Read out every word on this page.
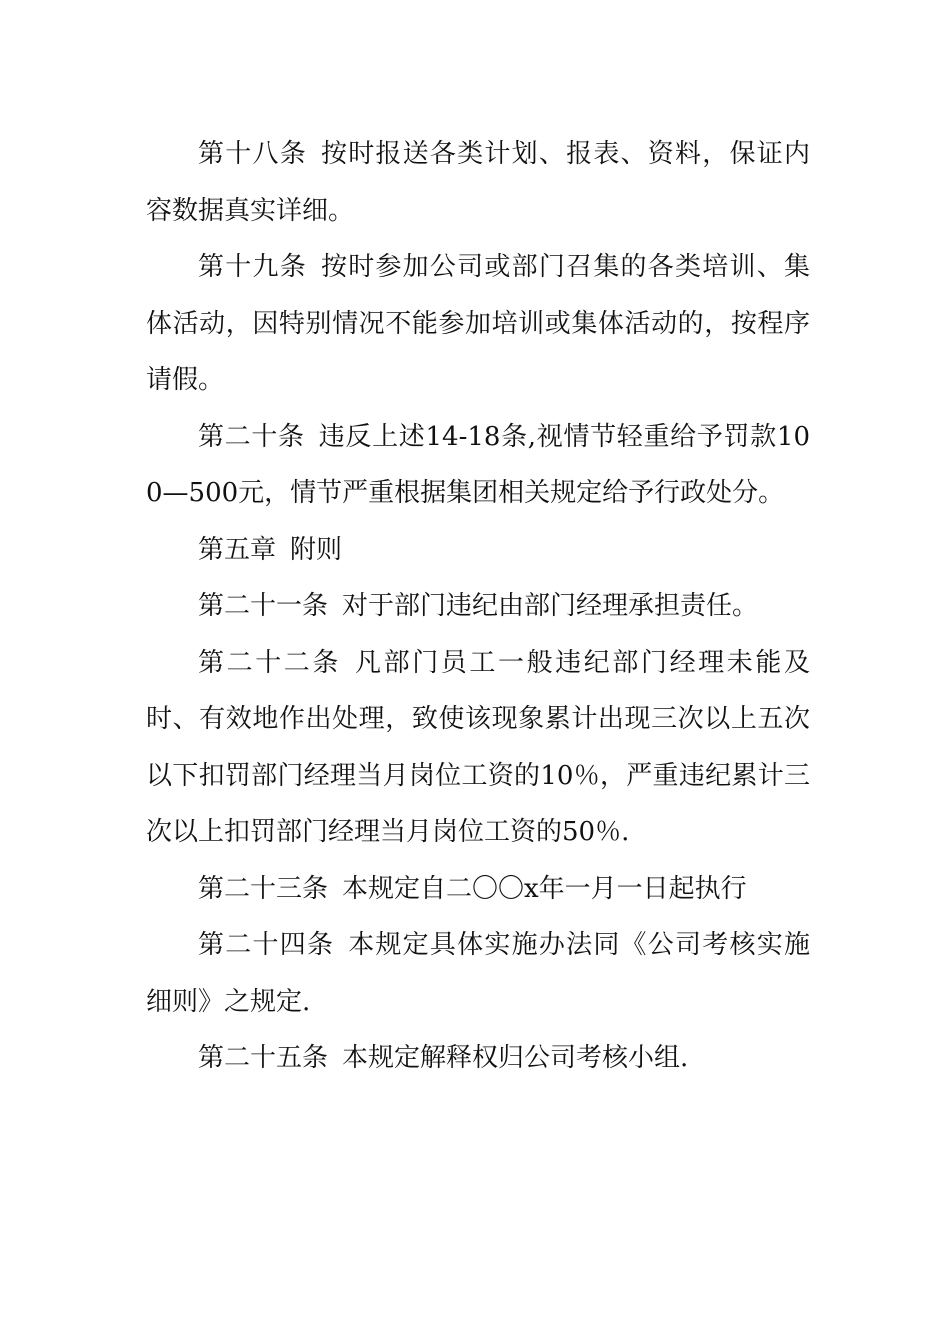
第十八条 按时报送各类计划、报表、资料，保证内容数据真实详细。

第十九条 按时参加公司或部门召集的各类培训、集体活动，因特别情况不能参加培训或集体活动的，按程序请假。

第二十条 违反上述14-18条,视情节轻重给予罚款100—500元，情节严重根据集团相关规定给予行政处分。

第五章 附则

第二十一条 对于部门违纪由部门经理承担责任。

第二十二条 凡部门员工一般违纪部门经理未能及时、有效地作出处理，致使该现象累计出现三次以上五次以下扣罚部门经理当月岗位工资的10％，严重违纪累计三次以上扣罚部门经理当月岗位工资的50％.

第二十三条 本规定自二〇〇x年一月一日起执行

第二十四条 本规定具体实施办法同《公司考核实施细则》之规定.

第二十五条 本规定解释权归公司考核小组.
